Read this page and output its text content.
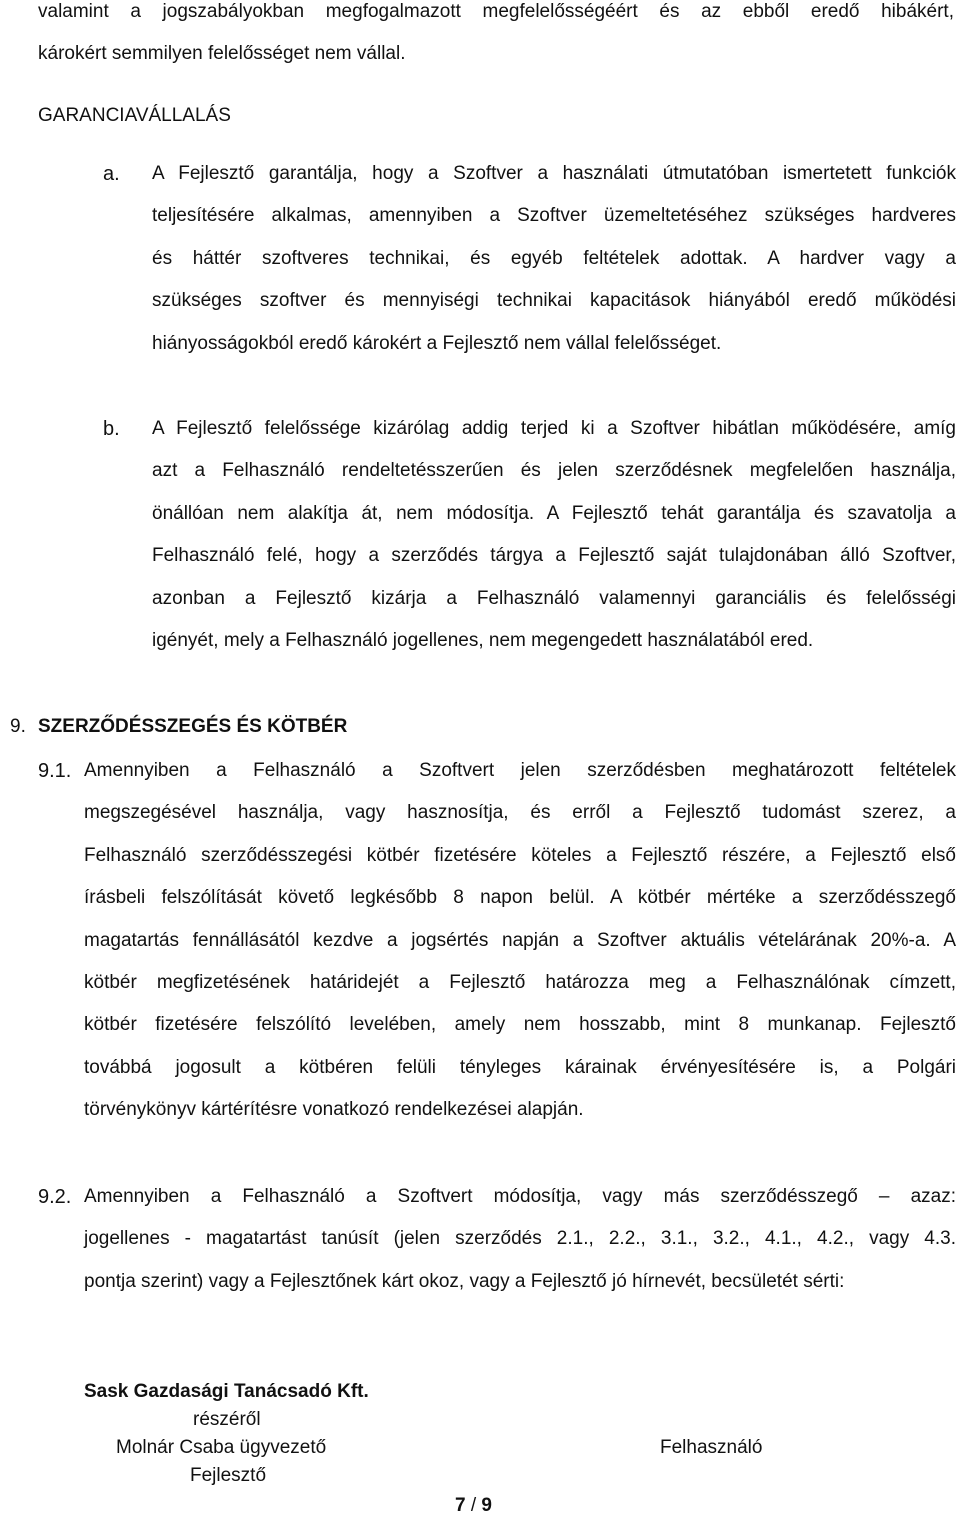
valamint a jogszabályokban megfogalmazott megfelelősségéért és az ebből eredő hibákért,
károkért semmilyen felelősséget nem vállal.
GARANCIAVÁLLALÁS
a. A Fejlesztő garantálja, hogy a Szoftver a használati útmutatóban ismertetett funkciók
teljesítésére alkalmas, amennyiben a Szoftver üzemeltetéséhez szükséges hardveres
és háttér szoftveres technikai, és egyéb feltételek adottak. A hardver vagy a
szükséges szoftver és mennyiségi technikai kapacitások hiányából eredő működési
hiányosságokból eredő károkért a Fejlesztő nem vállal felelősséget.
b. A Fejlesztő felelőssége kizárólag addig terjed ki a Szoftver hibátlan működésére, amíg
azt a Felhasználó rendeltetésszerűen és jelen szerződésnek megfelelően használja,
önállóan nem alakítja át, nem módosítja. A Fejlesztő tehát garantálja és szavatolja a
Felhasználó felé, hogy a szerződés tárgya a Fejlesztő saját tulajdonában álló Szoftver,
azonban a Fejlesztő kizárja a Felhasználó valamennyi garanciális és felelősségi
igényét, mely a Felhasználó jogellenes, nem megengedett használatából ered.
9. SZERZŐDÉSSZEGÉS ÉS KÖTBÉR
9.1. Amennyiben a Felhasználó a Szoftvert jelen szerződésben meghatározott feltételek
megszegésével használja, vagy hasznosítja, és erről a Fejlesztő tudomást szerez, a
Felhasználó szerződésszegési kötbér fizetésére köteles a Fejlesztő részére, a Fejlesztő első
írásbeli felszólítását követő legkésőbb 8 napon belül. A kötbér mértéke a szerződésszegő
magatartás fennállásától kezdve a jogsértés napján a Szoftver aktuális vételárának 20%-a. A
kötbér megfizetésének határidejét a Fejlesztő határozza meg a Felhasználónak címzett,
kötbér fizetésére felszólító levelében, amely nem hosszabb, mint 8 munkanap. Fejlesztő
továbbá jogosult a kötbéren felüli tényleges kárainak érvényesítésére is, a Polgári
törvénykönyv kártérítésre vonatkozó rendelkezései alapján.
9.2. Amennyiben a Felhasználó a Szoftvert módosítja, vagy más szerződésszegő – azaz:
jogellenes - magatartást tanúsít (jelen szerződés 2.1., 2.2., 3.1., 3.2., 4.1., 4.2., vagy 4.3.
pontja szerint) vagy a Fejlesztőnek kárt okoz, vagy a Fejlesztő jó hírnevét, becsületét sérti:
Sask Gazdasági Tanácsadó Kft.
részéről
Molnár Csaba ügyvezető	Felhasználó
Fejlesztő
7 / 9
